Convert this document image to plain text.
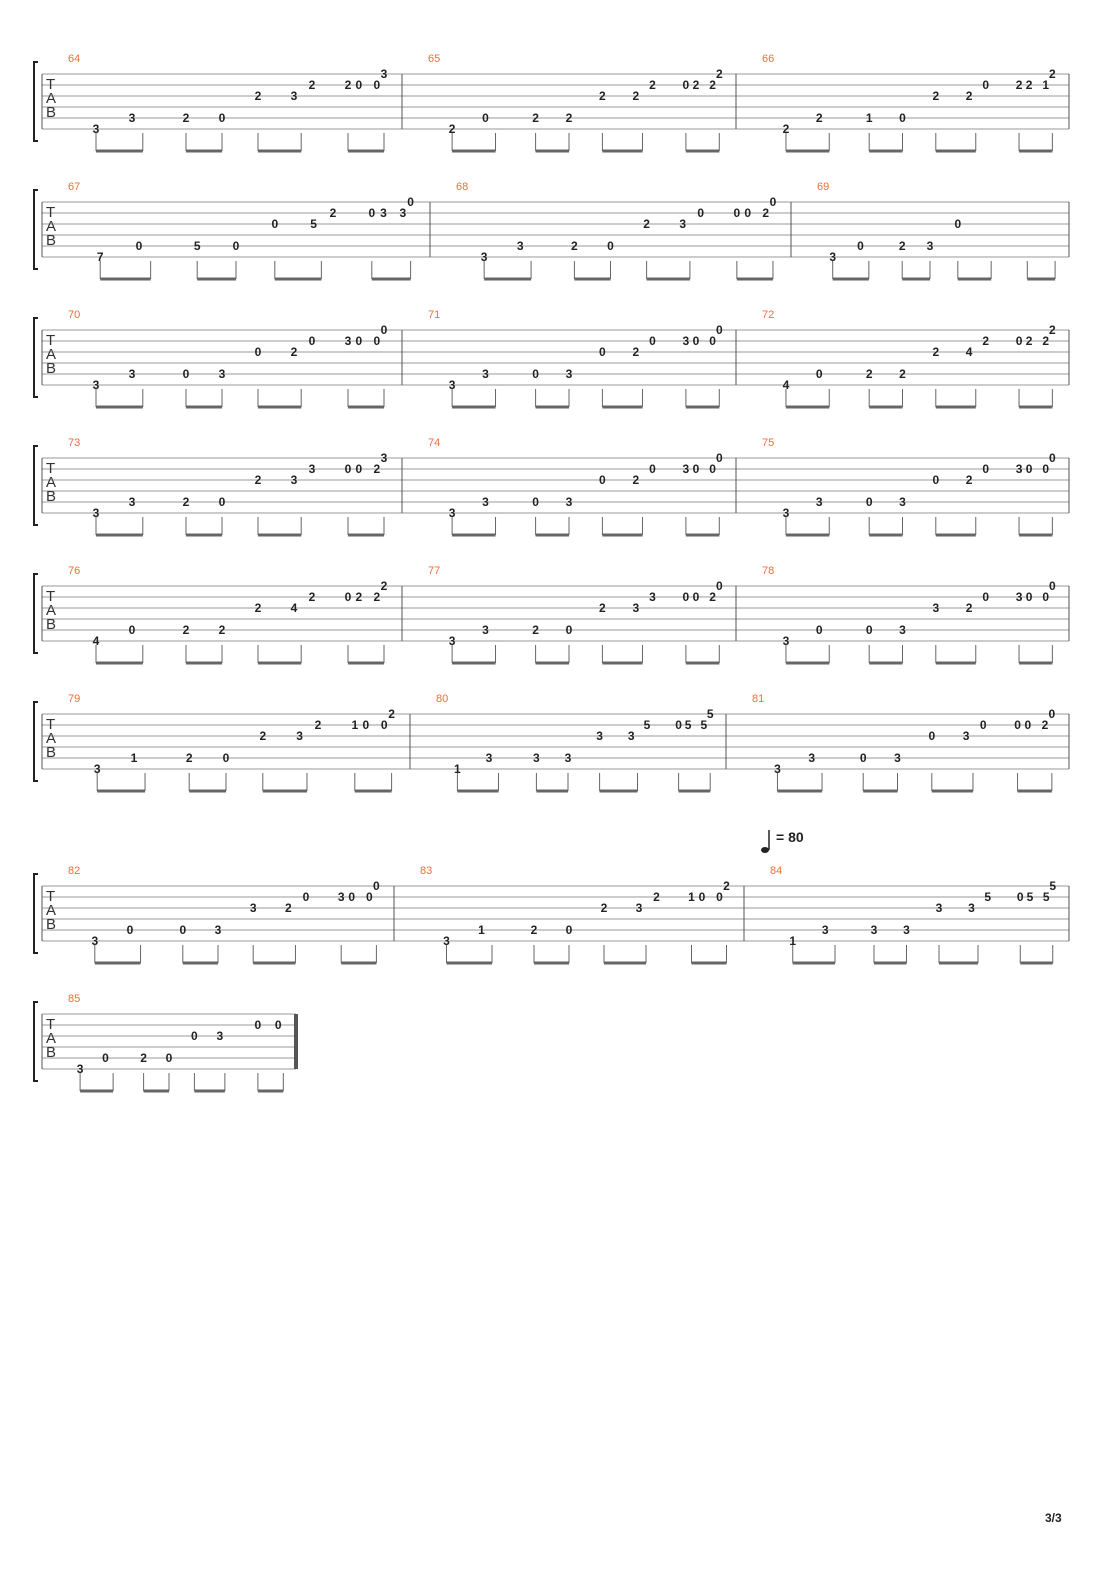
T
A
B
64
3
3	2 0
2 3
2 0
2	0
3
65
2
0	2 2
2 2
0 2
2	2
2
66
2
2	1 0
2 2
2 1
0	2
2
T
A
B
67
7
0	5	0
0	5
0 3
2	3
0
68
3
3	2 0
2 3
0 2
0	0
0
69
3
0	2 3
0
T
A
B
70
3
3	0 3
0 2
3 0
0	0
0
71
3
3	0 3
0 2
3 0
0	0
0
72
4
0	2 2
2 4
0 2
2	2
2
T
A
B
73
3
3	2 0
2 3
0 2
3	0
3
74
3
3	0 3
0 2
3 0
0	0
0
75
3
3	0 3
0 2
3 0
0	0
0
T
A
B
76
4
0	2 2
2 4
0 2
2	2
2
77
3
3	2 0
2 3
0 2
3	0
0
78
3
0	0 3
3 2
3 0
0	0
0
T
A
B
79
3
1	2	0
2	3
1 0
2	0
2
80
1
3	3 3
3 3
0 5
5	5
5
81
3
3	0 3
0 3
0 2
0	0
0
T
A
B
82
3
0	0 3
3 2
3 0
0	0
0
83
3
1	2 0
2 3
1 0
2	0
2
84
1
3	3 3
3 3
0 5
5	5
5
T
A
B
85
3
0	2 0
0 3
0 0
= 80
3/3
